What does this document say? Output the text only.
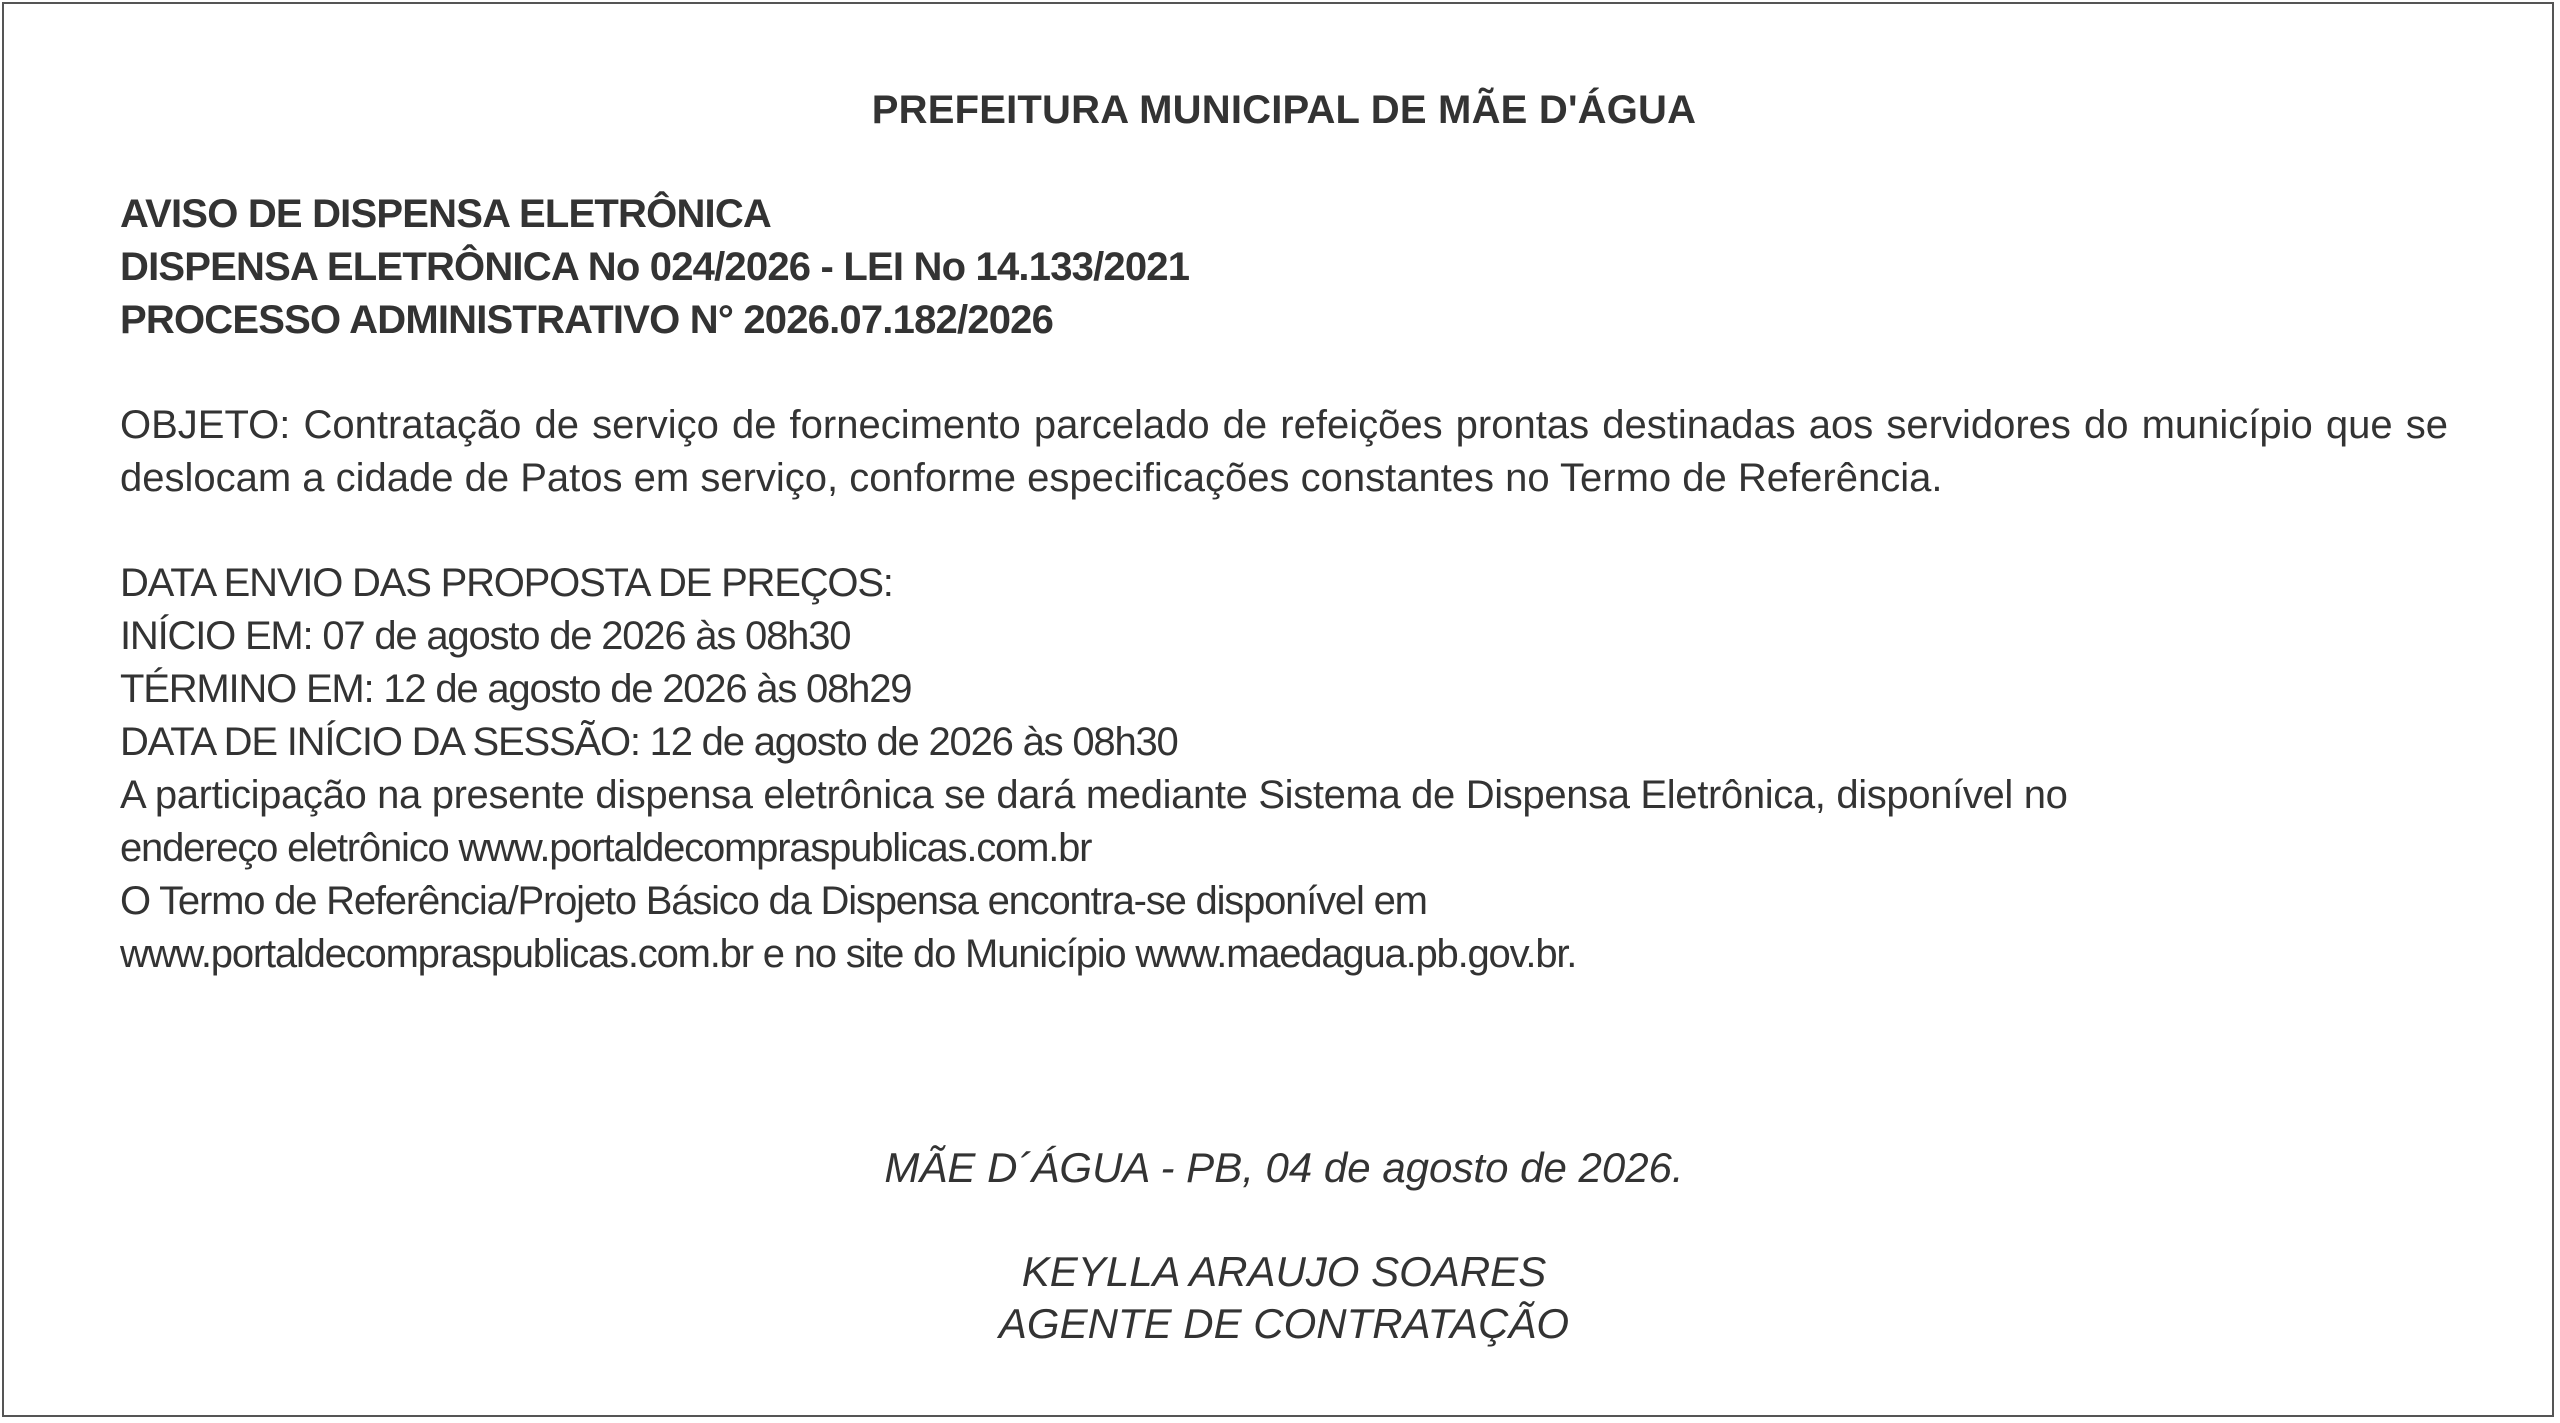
PREFEITURA MUNICIPAL DE MÃE D'ÁGUA

AVISO DE DISPENSA ELETRÔNICA
DISPENSA ELETRÔNICA No 024/2026 - LEI No 14.133/2021
PROCESSO ADMINISTRATIVO N° 2026.07.182/2026

OBJETO: Contratação de serviço de fornecimento parcelado de refeições prontas destinadas aos servidores do município que se deslocam a cidade de Patos em serviço, conforme especificações constantes no Termo de Referência.

DATA ENVIO DAS PROPOSTA DE PREÇOS:
INÍCIO EM: 07 de agosto de 2026 às 08h30
TÉRMINO EM: 12 de agosto de 2026 às 08h29
DATA DE INÍCIO DA SESSÃO: 12 de agosto de 2026 às 08h30
A participação na presente dispensa eletrônica se dará mediante Sistema de Dispensa Eletrônica, disponível no
endereço eletrônico www.portaldecompraspublicas.com.br
O Termo de Referência/Projeto Básico da Dispensa encontra-se disponível em
www.portaldecompraspublicas.com.br e no site do Município www.maedagua.pb.gov.br.
MÃE D´ÁGUA - PB, 04 de agosto de 2026.
KEYLLA ARAUJO SOARES
AGENTE DE CONTRATAÇÃO
